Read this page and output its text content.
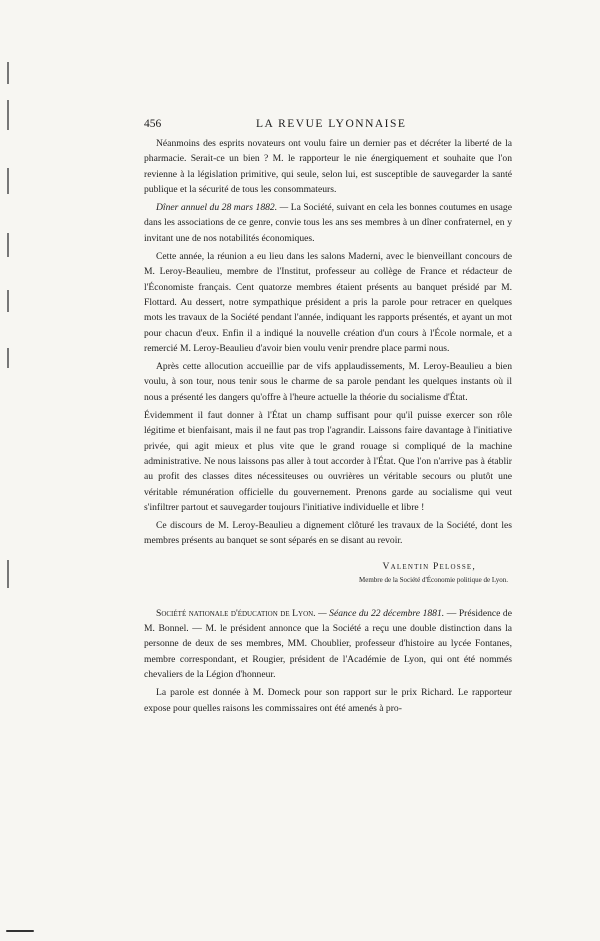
456	LA REVUE LYONNAISE

Néanmoins des esprits novateurs ont voulu faire un dernier pas et décréter la liberté de la pharmacie. Serait-ce un bien ? M. le rapporteur le nie énergiquement et souhaite que l'on revienne à la législation primitive, qui seule, selon lui, est susceptible de sauvegarder la santé publique et la sécurité de tous les consommateurs.

Dîner annuel du 28 mars 1882. — La Société, suivant en cela les bonnes coutumes en usage dans les associations de ce genre, convie tous les ans ses membres à un dîner confraternel, en y invitant une de nos notabilités économiques.

Cette année, la réunion a eu lieu dans les salons Maderni, avec le bienveillant concours de M. Leroy-Beaulieu, membre de l'Institut, professeur au collège de France et rédacteur de l'Économiste français. Cent quatorze membres étaient présents au banquet présidé par M. Flottard. Au dessert, notre sympathique président a pris la parole pour retracer en quelques mots les travaux de la Société pendant l'année, indiquant les rapports présentés, et ayant un mot pour chacun d'eux. Enfin il a indiqué la nouvelle création d'un cours à l'École normale, et a remercié M. Leroy-Beaulieu d'avoir bien voulu venir prendre place parmi nous.

Après cette allocution accueillie par de vifs applaudissements, M. Leroy-Beaulieu a bien voulu, à son tour, nous tenir sous le charme de sa parole pendant les quelques instants où il nous a présenté les dangers qu'offre à l'heure actuelle la théorie du socialisme d'État.

Évidemment il faut donner à l'État un champ suffisant pour qu'il puisse exercer son rôle légitime et bienfaisant, mais il ne faut pas trop l'agrandir. Laissons faire davantage à l'initiative privée, qui agit mieux et plus vite que le grand rouage si compliqué de la machine administrative. Ne nous laissons pas aller à tout accorder à l'État. Que l'on n'arrive pas à établir au profit des classes dites nécessiteuses ou ouvrières un véritable secours ou plutôt une véritable rémunération officielle du gouvernement. Prenons garde au socialisme qui veut s'infiltrer partout et sauvegarder toujours l'initiative individuelle et libre !

Ce discours de M. Leroy-Beaulieu a dignement clôturé les travaux de la Société, dont les membres présents au banquet se sont séparés en se disant au revoir.

Valentin Pelosse,
Membre de la Société d'Économie politique de Lyon.

Société nationale d'éducation de Lyon. — Séance du 22 décembre 1881. — Présidence de M. Bonnel. — M. le président annonce que la Société a reçu une double distinction dans la personne de deux de ses membres, MM. Choublier, professeur d'histoire au lycée Fontanes, membre correspondant, et Rougier, président de l'Académie de Lyon, qui ont été nommés chevaliers de la Légion d'honneur.

La parole est donnée à M. Domeck pour son rapport sur le prix Richard. Le rapporteur expose pour quelles raisons les commissaires ont été amenés à pro-
